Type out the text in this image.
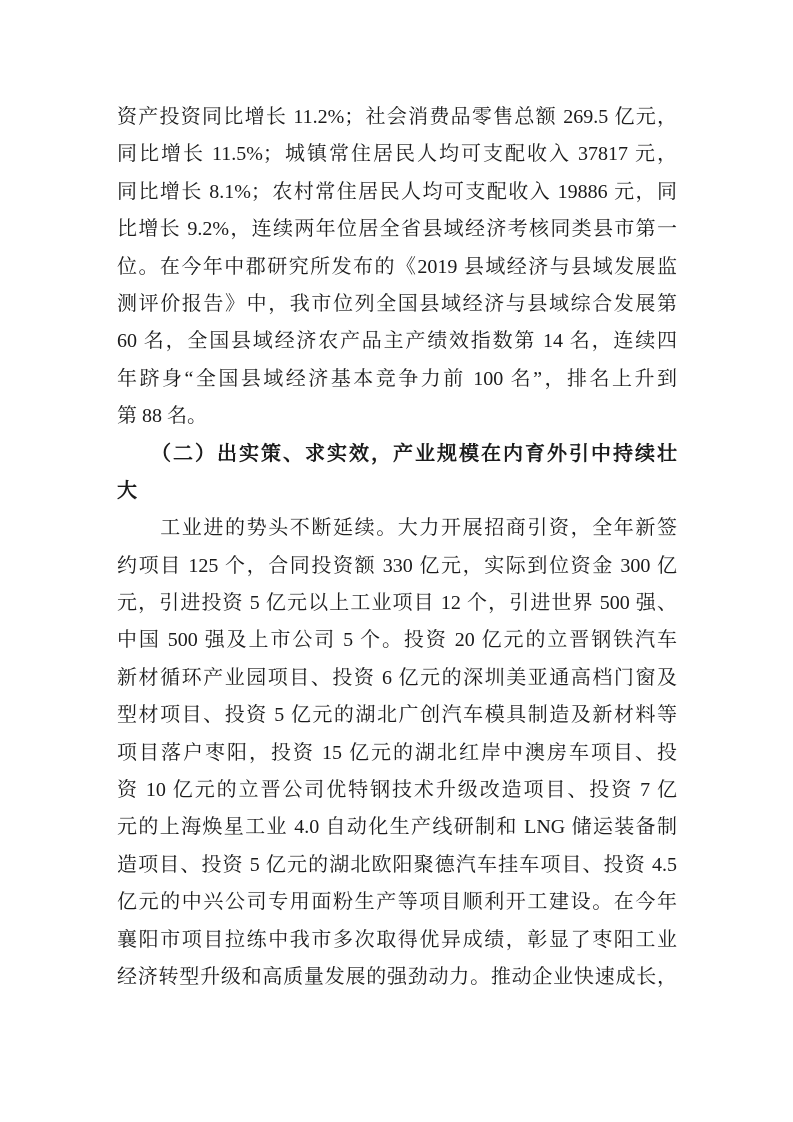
资产投资同比增长 11.2%；社会消费品零售总额 269.5 亿元，
同比增长 11.5%；城镇常住居民人均可支配收入 37817 元，
同比增长 8.1%；农村常住居民人均可支配收入 19886 元，同
比增长 9.2%，连续两年位居全省县域经济考核同类县市第一
位。在今年中郡研究所发布的《2019 县域经济与县域发展监
测评价报告》中，我市位列全国县域经济与县域综合发展第
60 名，全国县域经济农产品主产绩效指数第 14 名，连续四
年跻身“全国县域经济基本竞争力前 100 名”，排名上升到
第 88 名。
　　（二）出实策、求实效，产业规模在内育外引中持续壮
大
　　工业进的势头不断延续。大力开展招商引资，全年新签
约项目 125 个，合同投资额 330 亿元，实际到位资金 300 亿
元，引进投资 5 亿元以上工业项目 12 个，引进世界 500 强、
中国 500 强及上市公司 5 个。投资 20 亿元的立晋钢铁汽车
新材循环产业园项目、投资 6 亿元的深圳美亚通高档门窗及
型材项目、投资 5 亿元的湖北广创汽车模具制造及新材料等
项目落户枣阳，投资 15 亿元的湖北红岸中澳房车项目、投
资 10 亿元的立晋公司优特钢技术升级改造项目、投资 7 亿
元的上海焕星工业 4.0 自动化生产线研制和 LNG 储运装备制
造项目、投资 5 亿元的湖北欧阳聚德汽车挂车项目、投资 4.5
亿元的中兴公司专用面粉生产等项目顺利开工建设。在今年
襄阳市项目拉练中我市多次取得优异成绩，彰显了枣阳工业
经济转型升级和高质量发展的强劲动力。推动企业快速成长，
